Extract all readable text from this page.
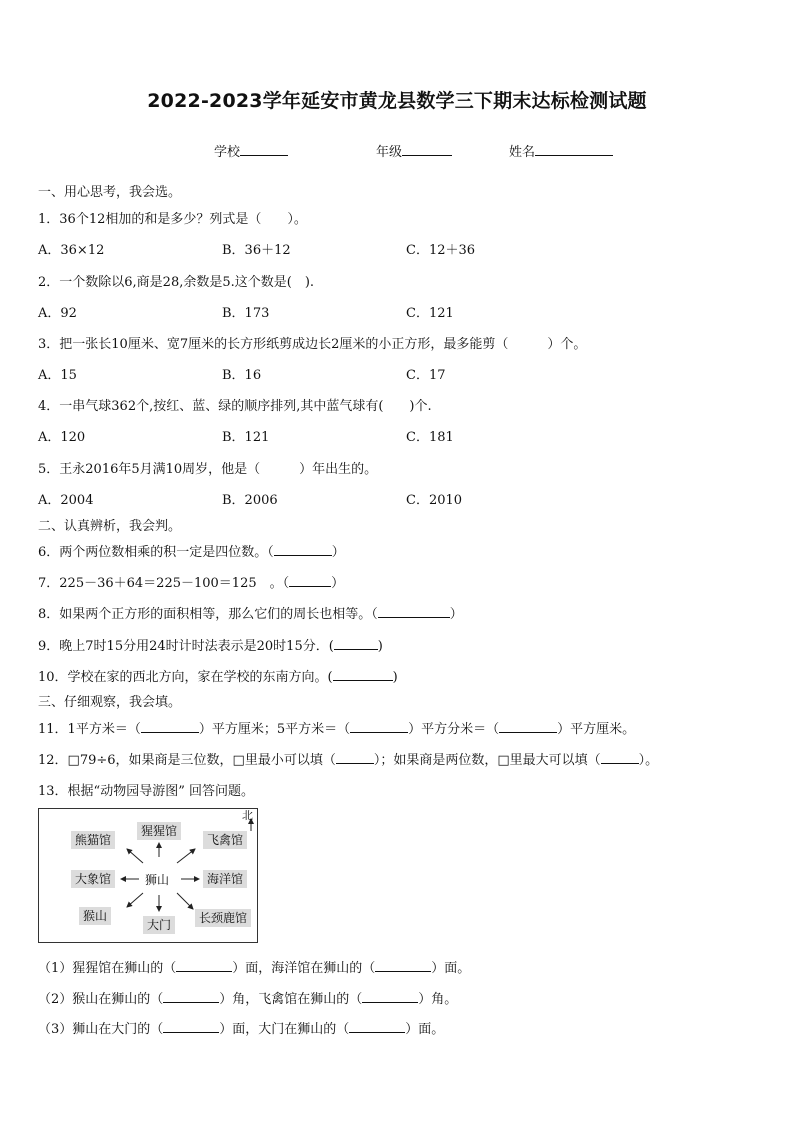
2022-2023学年延安市黄龙县数学三下期末达标检测试题
学校	年级	姓名
一、用心思考，我会选。
1．36个12相加的和是多少？列式是（　　）。
A．36×12	B．36＋12	C．12＋36
2．一个数除以6,商是28,余数是5.这个数是(　).
A．92	B．173	C．121
3．把一张长10厘米、宽7厘米的长方形纸剪成边长2厘米的小正方形，最多能剪（　　　）个。
A．15	B．16	C．17
4．一串气球362个,按红、蓝、绿的顺序排列,其中蓝气球有(　　)个.
A．120	B．121	C．181
5．王永2016年5月满10周岁，他是（　　　）年出生的。
A．2004	B．2006	C．2010
二、认真辨析，我会判。
6．两个两位数相乘的积一定是四位数。（	）
7．225－36＋64＝225－100＝125　。（	）
8．如果两个正方形的面积相等，那么它们的周长也相等。（	）
9．晚上7时15分用24时计时法表示是20时15分．(	)
10．学校在家的西北方向，家在学校的东南方向。(	)
三、仔细观察，我会填。
11．1平方米＝（	）平方厘米；5平方米＝（	）平方分米＝（	）平方厘米。
12．□79÷6，如果商是三位数，□里最小可以填（	）；如果商是两位数，□里最大可以填（	）。
13．根据“动物园导游图” 回答问题。
北
熊猫馆
猩猩馆
飞禽馆
大象馆	狮山	海洋馆
猴山
大门	长颈鹿馆
（1）猩猩馆在狮山的（	）面，海洋馆在狮山的（	）面。
（2）猴山在狮山的（	）角，飞禽馆在狮山的（	）角。
（3）狮山在大门的（	）面，大门在狮山的（	）面。
